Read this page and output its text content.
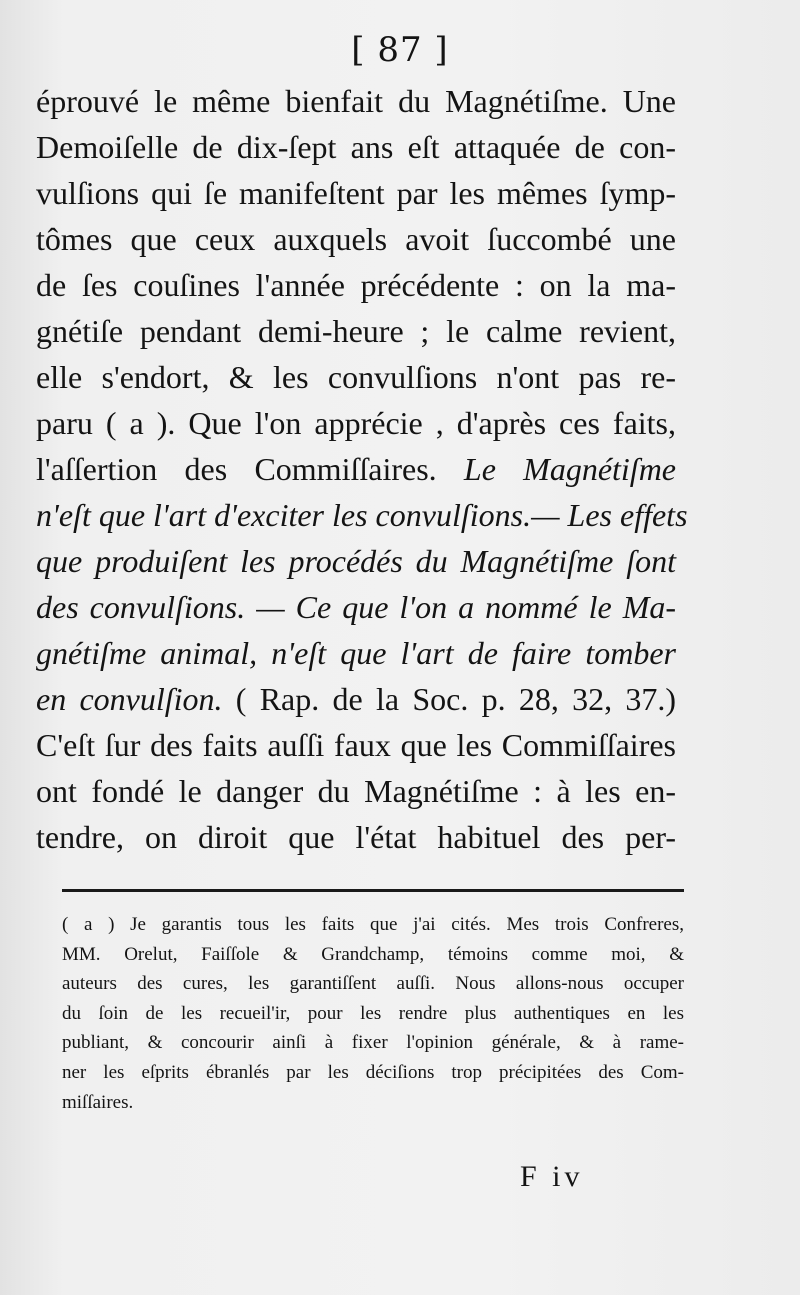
[ 87 ]
éprouvé le même bienfait du Magnétiſme. Une
Demoiſelle de dix-ſept ans eſt attaquée de con-
vulſions qui ſe manifeſtent par les mêmes ſymp-
tômes que ceux auxquels avoit ſuccombé une
de ſes couſines l'année précédente : on la ma-
gnétiſe pendant demi-heure ; le calme revient,
elle s'endort, & les convulſions n'ont pas re-
paru ( a ). Que l'on apprécie , d'après ces faits,
l'aſſertion des Commiſſaires. Le Magnétiſme
n'eſt que l'art d'exciter les convulſions.— Les effets
que produiſent les procédés du Magnétiſme ſont
des convulſions. — Ce que l'on a nommé le Ma-
gnétiſme animal, n'eſt que l'art de faire tomber
en convulſion. ( Rap. de la Soc. p. 28, 32, 37.)
C'eſt ſur des faits auſſi faux que les Commiſſaires
ont fondé le danger du Magnétiſme : à les en-
tendre, on diroit que l'état habituel des per-
( a ) Je garantis tous les faits que j'ai cités. Mes trois Confreres,
MM. Orelut, Faiſſole & Grandchamp, témoins comme moi, &
auteurs des cures, les garantiſſent auſſi. Nous allons-nous occuper
du ſoin de les recueil'ir, pour les rendre plus authentiques en les
publiant, & concourir ainſi à fixer l'opinion générale, & à rame-
ner les eſprits ébranlés par les déciſions trop précipitées des Com-
miſſaires.
F iv
